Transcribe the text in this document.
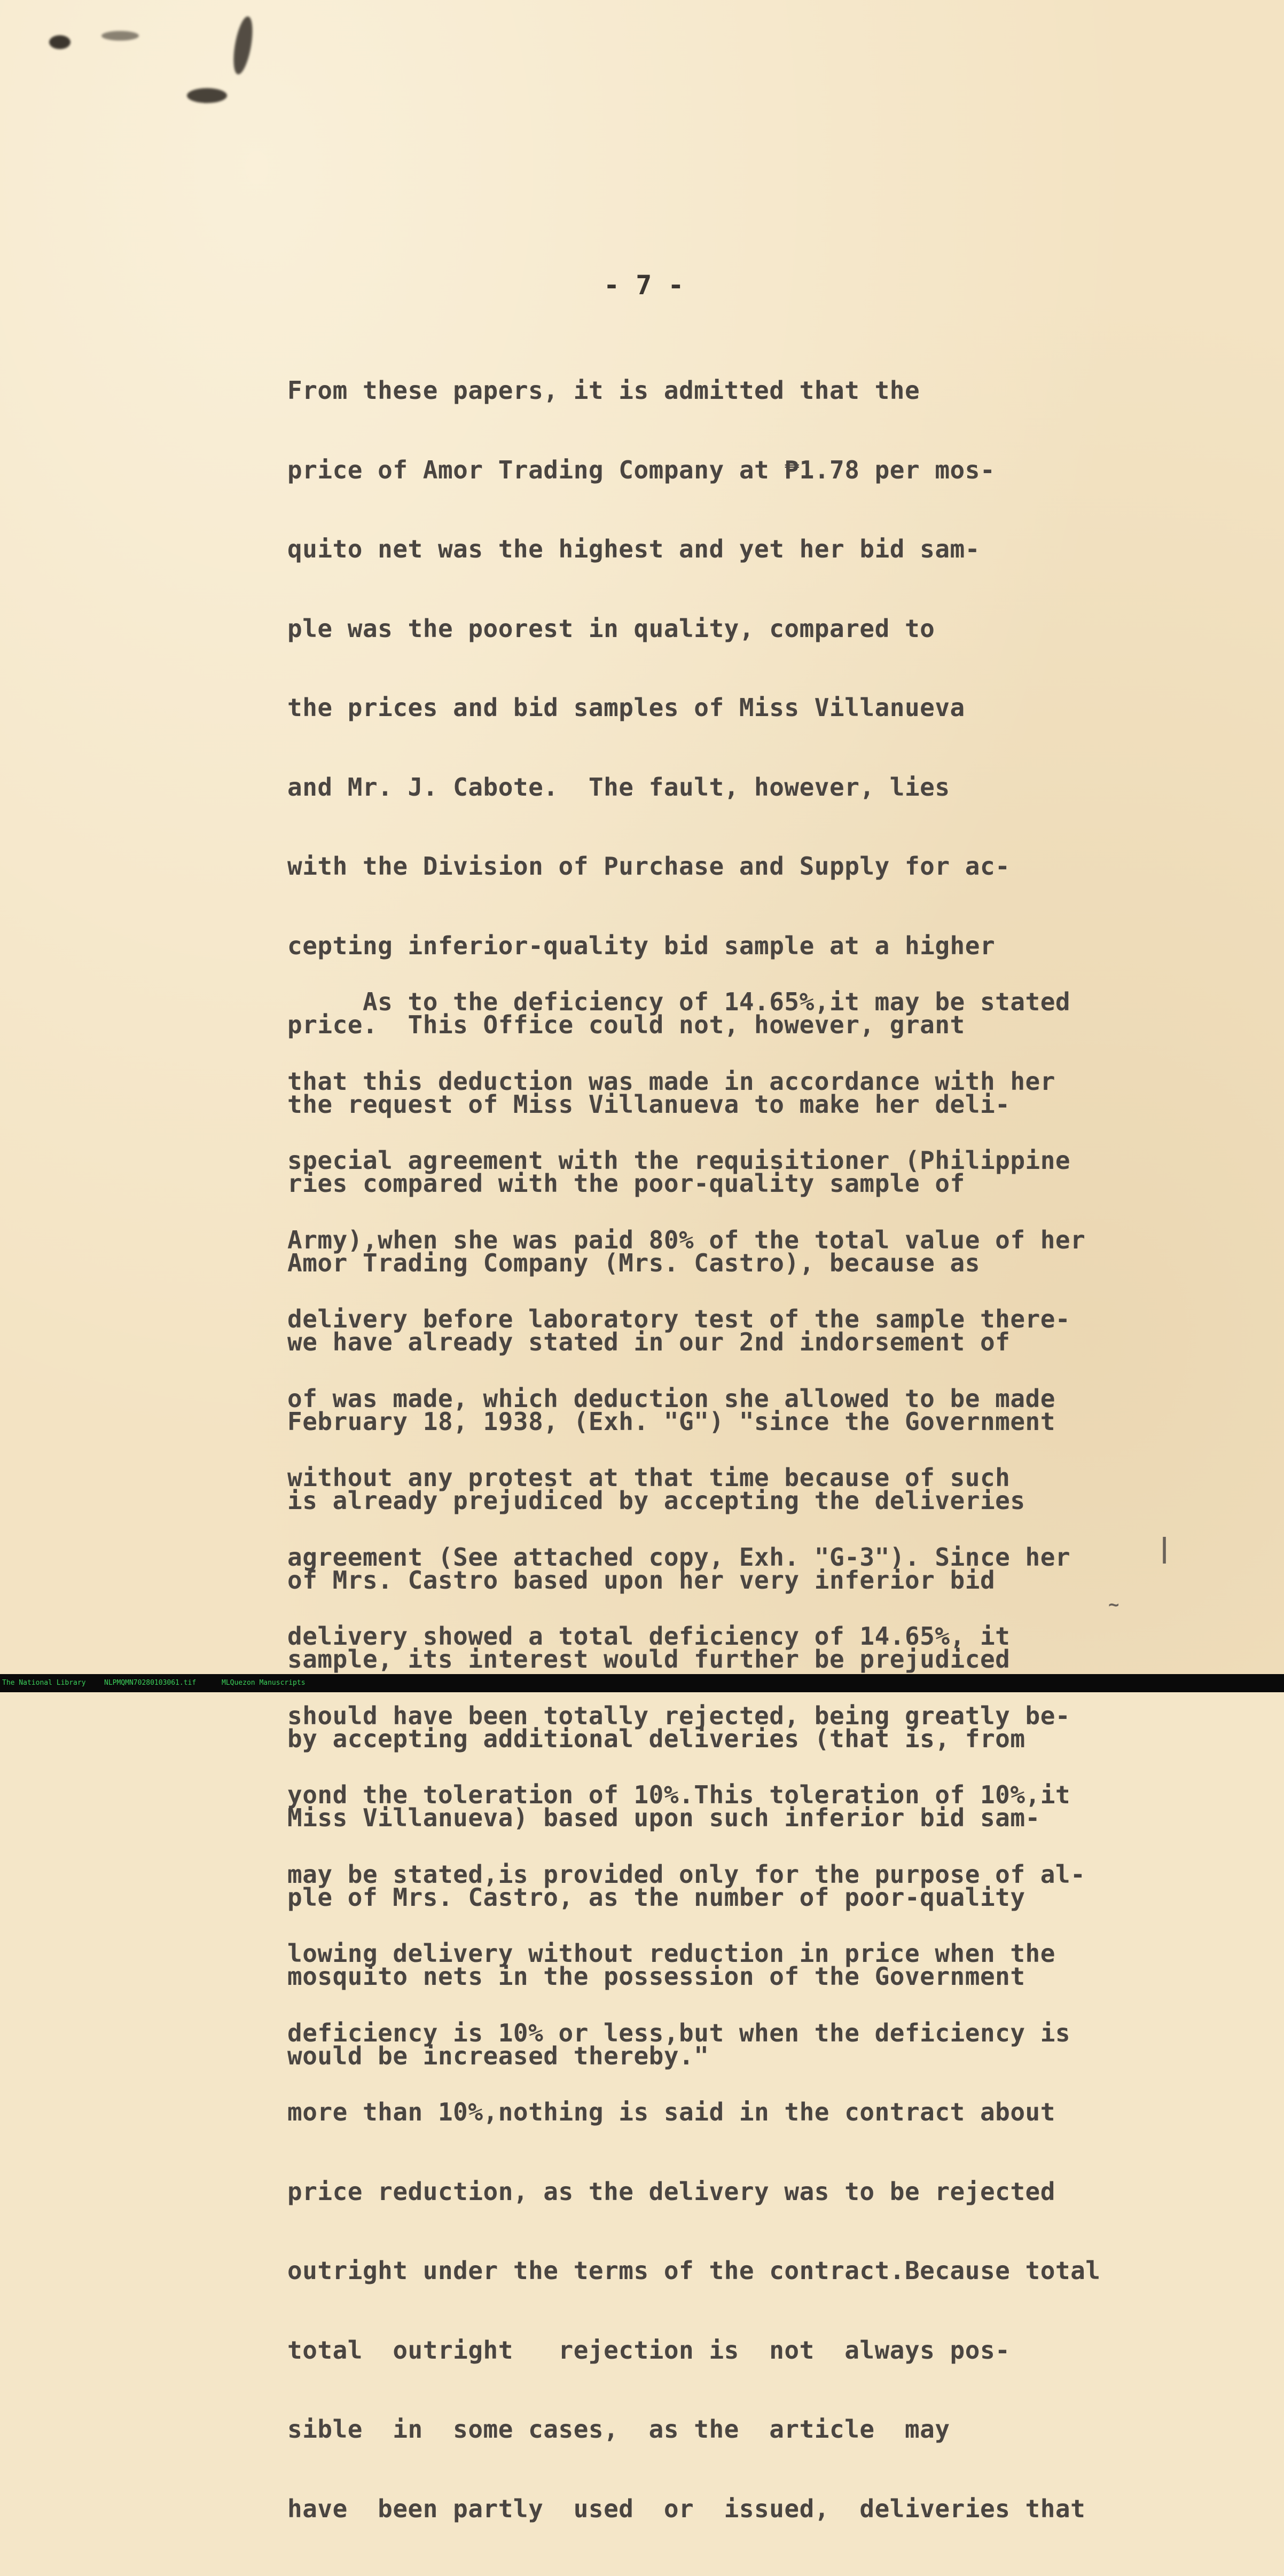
- 7 -

From these papers, it is admitted that the

price of Amor Trading Company at ₱1.78 per mos-

quito net was the highest and yet her bid sam-

ple was the poorest in quality, compared to

the prices and bid samples of Miss Villanueva

and Mr. J. Cabote.  The fault, however, lies

with the Division of Purchase and Supply for ac-

cepting inferior-quality bid sample at a higher

price.  This Office could not, however, grant

the request of Miss Villanueva to make her deli-

ries compared with the poor-quality sample of

Amor Trading Company (Mrs. Castro), because as

we have already stated in our 2nd indorsement of

February 18, 1938, (Exh. "G") "since the Government

is already prejudiced by accepting the deliveries

of Mrs. Castro based upon her very inferior bid

sample, its interest would further be prejudiced

by accepting additional deliveries (that is, from

Miss Villanueva) based upon such inferior bid sam-

ple of Mrs. Castro, as the number of poor-quality

mosquito nets in the possession of the Government

would be increased thereby."

As to the deficiency of 14.65%,it may be stated

that this deduction was made in accordance with her

special agreement with the requisitioner (Philippine

Army),when she was paid 80% of the total value of her

delivery before laboratory test of the sample there-

of was made, which deduction she allowed to be made

without any protest at that time because of such

agreement (See attached copy, Exh. "G-3"). Since her

delivery showed a total deficiency of 14.65%, it

should have been totally rejected, being greatly be-

yond the toleration of 10%.This toleration of 10%,it

may be stated,is provided only for the purpose of al-

lowing delivery without reduction in price when the

deficiency is 10% or less,but when the deficiency is

more than 10%,nothing is said in the contract about

price reduction, as the delivery was to be rejected

outright under the terms of the contract.Because total

total  outright   rejection is  not  always pos-

sible  in  some cases,  as the  article  may

have  been partly  used  or  issued,  deliveries that

|
~
The National Library	NLPMQMN70280103061.tif	MLQuezon Manuscripts
